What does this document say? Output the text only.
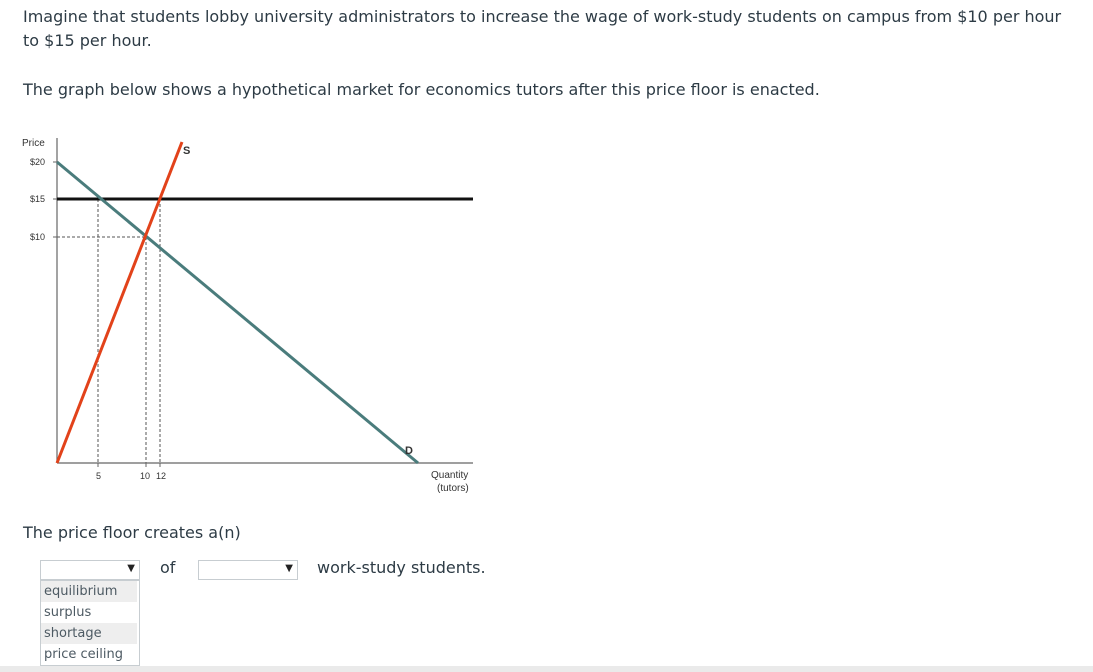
Imagine that students lobby university administrators to increase the wage of work-study students on campus from $10 per hour to $15 per hour.
The graph below shows a hypothetical market for economics tutors after this price floor is enacted.
Price
$20
$15
$10
5	10 12	Quantity
(tutors)
S
D
The price floor creates a(n)
▼ of	▼ work-study students.
equilibrium
surplus
shortage
price ceiling
